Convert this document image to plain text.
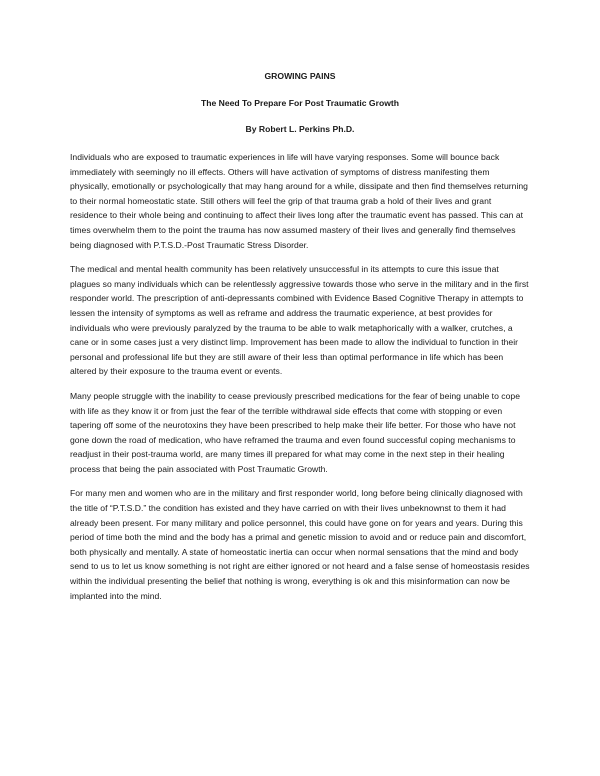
GROWING PAINS

The Need To Prepare For Post Traumatic Growth

By Robert L. Perkins Ph.D.

Individuals who are exposed to traumatic experiences in life will have varying responses. Some will bounce back immediately with seemingly no ill effects. Others will have activation of symptoms of distress manifesting them physically, emotionally or psychologically that may hang around for a while, dissipate and then find themselves returning to their normal homeostatic state. Still others will feel the grip of that trauma grab a hold of their lives and grant residence to their whole being and continuing to affect their lives long after the traumatic event has passed. This can at times overwhelm them to the point the trauma has now assumed mastery of their lives and generally find themselves being diagnosed with P.T.S.D.-Post Traumatic Stress Disorder.

The medical and mental health community has been relatively unsuccessful in its attempts to cure this issue that plagues so many individuals which can be relentlessly aggressive towards those who serve in the military and in the first responder world. The prescription of anti-depressants combined with Evidence Based Cognitive Therapy in attempts to lessen the intensity of symptoms as well as reframe and address the traumatic experience, at best provides for individuals who were previously paralyzed by the trauma to be able to walk metaphorically with a walker, crutches, a cane or in some cases just a very distinct limp. Improvement has been made to allow the individual to function in their personal and professional life but they are still aware of their less than optimal performance in life which has been altered by their exposure to the trauma event or events.

Many people struggle with the inability to cease previously prescribed medications for the fear of being unable to cope with life as they know it or from just the fear of the terrible withdrawal side effects that come with stopping or even tapering off some of the neurotoxins they have been prescribed to help make their life better. For those who have not gone down the road of medication, who have reframed the trauma and even found successful coping mechanisms to readjust in their post-trauma world, are many times ill prepared for what may come in the next step in their healing process that being the pain associated with Post Traumatic Growth.

For many men and women who are in the military and first responder world, long before being clinically diagnosed with the title of “P.T.S.D.” the condition has existed and they have carried on with their lives unbeknownst to them it had already been present. For many military and police personnel, this could have gone on for years and years. During this period of time both the mind and the body has a primal and genetic mission to avoid and or reduce pain and discomfort, both physically and mentally. A state of homeostatic inertia can occur when normal sensations that the mind and body send to us to let us know something is not right are either ignored or not heard and a false sense of homeostasis resides within the individual presenting the belief that nothing is wrong, everything is ok and this misinformation can now be implanted into the mind.
